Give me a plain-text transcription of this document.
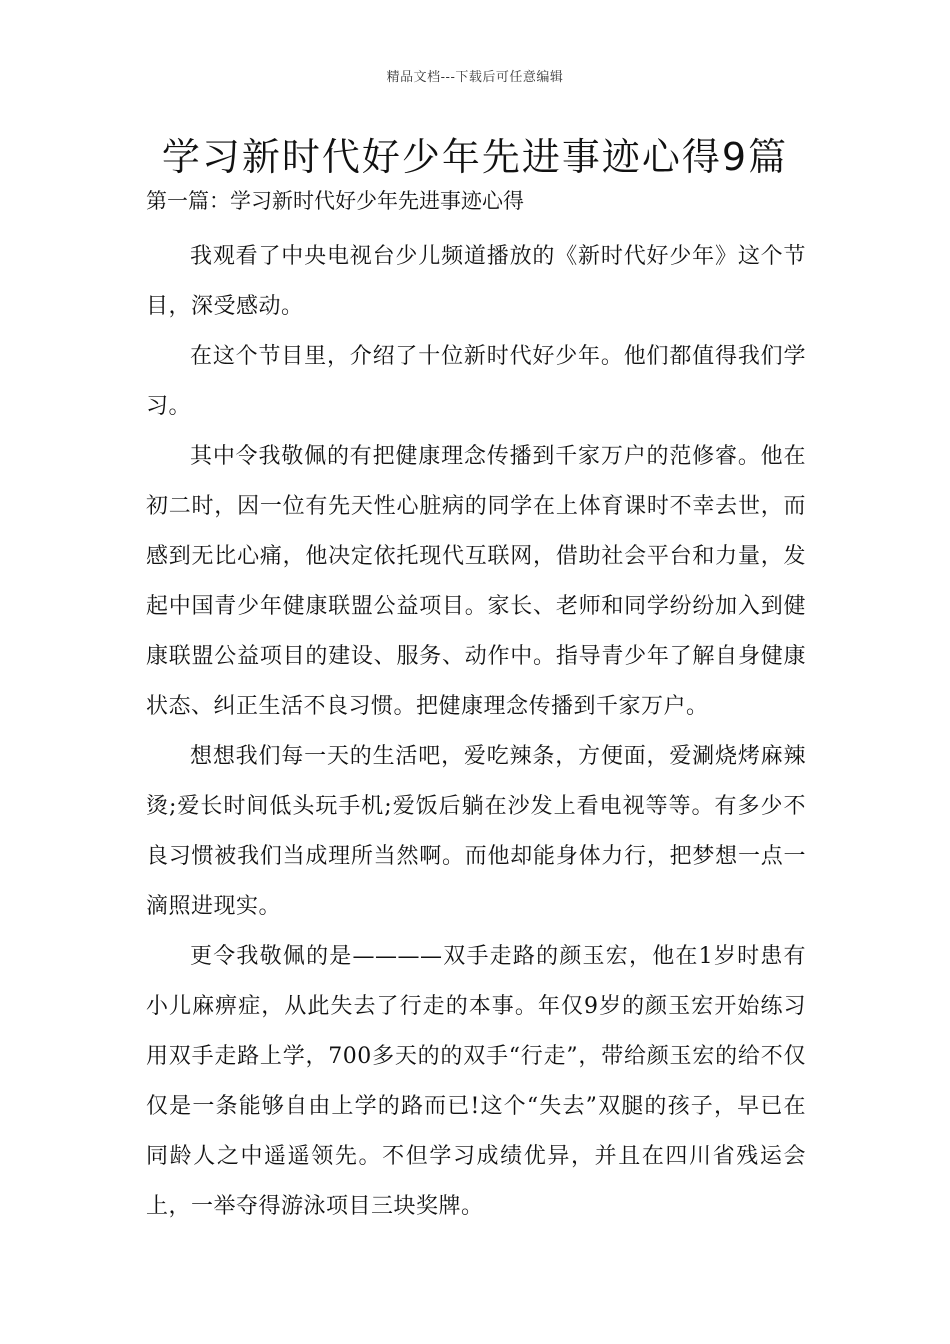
精品文档---下载后可任意编辑
学习新时代好少年先进事迹心得9篇
第一篇：学习新时代好少年先进事迹心得

我观看了中央电视台少儿频道播放的《新时代好少年》这个节目，深受感动。

在这个节目里，介绍了十位新时代好少年。他们都值得我们学习。

其中令我敬佩的有把健康理念传播到千家万户的范修睿。他在初二时，因一位有先天性心脏病的同学在上体育课时不幸去世，而感到无比心痛，他决定依托现代互联网，借助社会平台和力量，发起中国青少年健康联盟公益项目。家长、老师和同学纷纷加入到健康联盟公益项目的建设、服务、动作中。指导青少年了解自身健康状态、纠正生活不良习惯。把健康理念传播到千家万户。

想想我们每一天的生活吧，爱吃辣条，方便面，爱涮烧烤麻辣烫;爱长时间低头玩手机;爱饭后躺在沙发上看电视等等。有多少不良习惯被我们当成理所当然啊。而他却能身体力行，把梦想一点一滴照进现实。

更令我敬佩的是————双手走路的颜玉宏，他在1岁时患有小儿麻痹症，从此失去了行走的本事。年仅9岁的颜玉宏开始练习用双手走路上学，700多天的的双手“行走”，带给颜玉宏的给不仅仅是一条能够自由上学的路而已!这个“失去”双腿的孩子，早已在同龄人之中遥遥领先。不但学习成绩优异，并且在四川省残运会上，一举夺得游泳项目三块奖牌。
